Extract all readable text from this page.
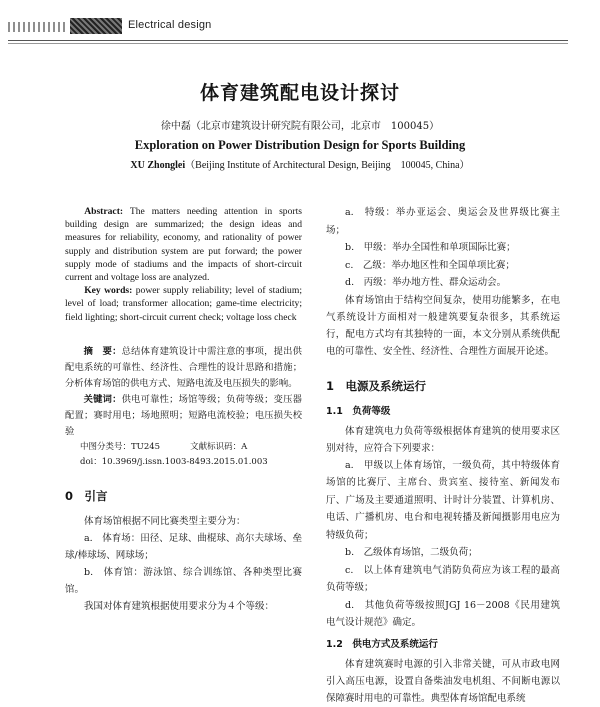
Electrical design
体育建筑配电设计探讨
徐中磊（北京市建筑设计研究院有限公司，北京市　100045）
Exploration on Power Distribution Design for Sports Building
XU Zhonglei（Beijing Institute of Architectural Design, Beijing　100045, China）

Abstract: The matters needing attention in sports building design are summarized; the design ideas and measures for reliability, economy, and rationality of power supply and distribution system are put forward; the power supply mode of stadiums and the impacts of short-circuit current and voltage loss are analyzed.

Key words: power supply reliability; level of stadium; level of load; transformer allocation; game-time electricity; field lighting; short-circuit current check; voltage loss check

摘　要：总结体育建筑设计中需注意的事项，提出供配电系统的可靠性、经济性、合理性的设计思路和措施；分析体育场馆的供电方式、短路电流及电压损失的影响。

关键词：供电可靠性；场馆等级；负荷等级；变压器配置；赛时用电；场地照明；短路电流校验；电压损失校验

中图分类号：TU245	文献标识码：A

doi：10.3969/j.issn.1003-8493.2015.01.003

0　引言

体育场馆根据不同比赛类型主要分为：

a.　体育场：田径、足球、曲棍球、高尔夫球场、垒球/棒球场、网球场；

b.　体育馆：游泳馆、综合训练馆、各种类型比赛馆。

我国对体育建筑根据使用要求分为４个等级：

a.　特级：举办亚运会、奥运会及世界级比赛主场；

b.　甲级：举办全国性和单项国际比赛；

c.　乙级：举办地区性和全国单项比赛；

d.　丙级：举办地方性、群众运动会。

体育场馆由于结构空间复杂，使用功能繁多，在电气系统设计方面相对一般建筑要复杂很多，其系统运行，配电方式均有其独特的一面，本文分别从系统供配电的可靠性、安全性、经济性、合理性方面展开论述。

1　电源及系统运行
1.1　负荷等级

体育建筑电力负荷等级根据体育建筑的使用要求区别对待，应符合下列要求：

a.　甲级以上体育场馆，一级负荷，其中特级体育场馆的比赛厅、主席台、贵宾室、接待室、新闻发布厅、广场及主要通道照明、计时计分装置、计算机房、电话、广播机房、电台和电视转播及新闻摄影用电应为特级负荷；

b.　乙级体育场馆，二级负荷；

c.　以上体育建筑电气消防负荷应为该工程的最高负荷等级；

d.　其他负荷等级按照JGJ 16－2008《民用建筑电气设计规范》确定。

1.2　供电方式及系统运行

体育建筑赛时电源的引入非常关键，可从市政电网引入高压电源，设置自备柴油发电机组、不间断电源以保障赛时用电的可靠性。典型体育场馆配电系统
